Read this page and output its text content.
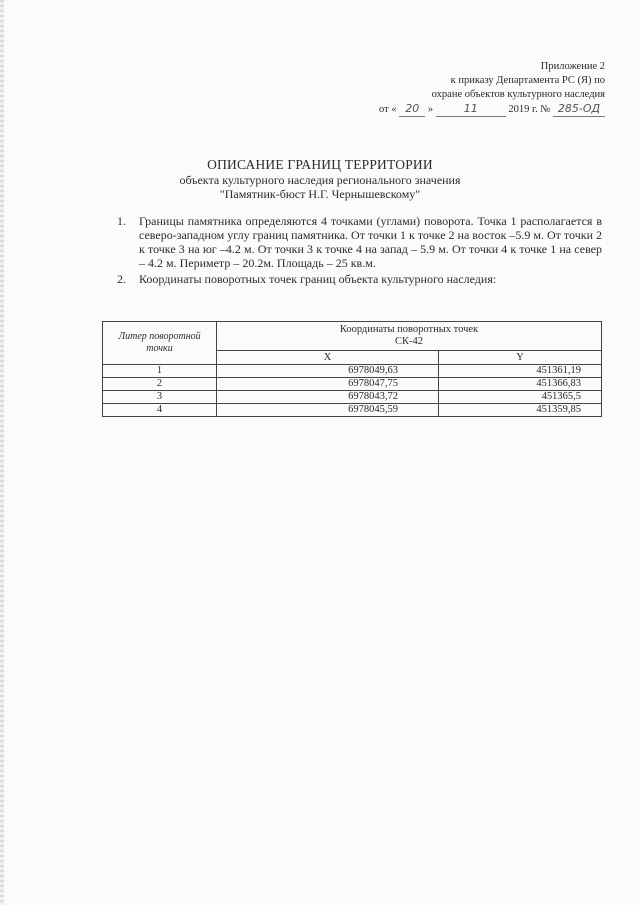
Приложение 2
к приказу Департамента РС (Я) по
охране объектов культурного наследия
от « 20 »	11	2019 г. № 285-ОД
ОПИСАНИЕ ГРАНИЦ ТЕРРИТОРИИ
объекта культурного наследия регионального значения
"Памятник-бюст Н.Г. Чернышевскому"
1. Границы памятника определяются 4 точками (углами) поворота. Точка 1 располагается в северо-западном углу границ памятника. От точки 1 к точке 2 на восток –5.9 м. От точки 2 к точке 3 на юг –4.2 м. От точки 3 к точке 4 на запад – 5.9 м. От точки 4 к точке 1 на север – 4.2 м. Периметр – 20.2м. Площадь – 25 кв.м.
2. Координаты поворотных точек границ объекта культурного наследия:
Литер поворотной точки	Координаты поворотных точек
СК-42	

	X	Y
1	6978049,63	451361,19
2	6978047,75	451366,83
3	6978043,72	451365,5
4	6978045,59	451359,85
